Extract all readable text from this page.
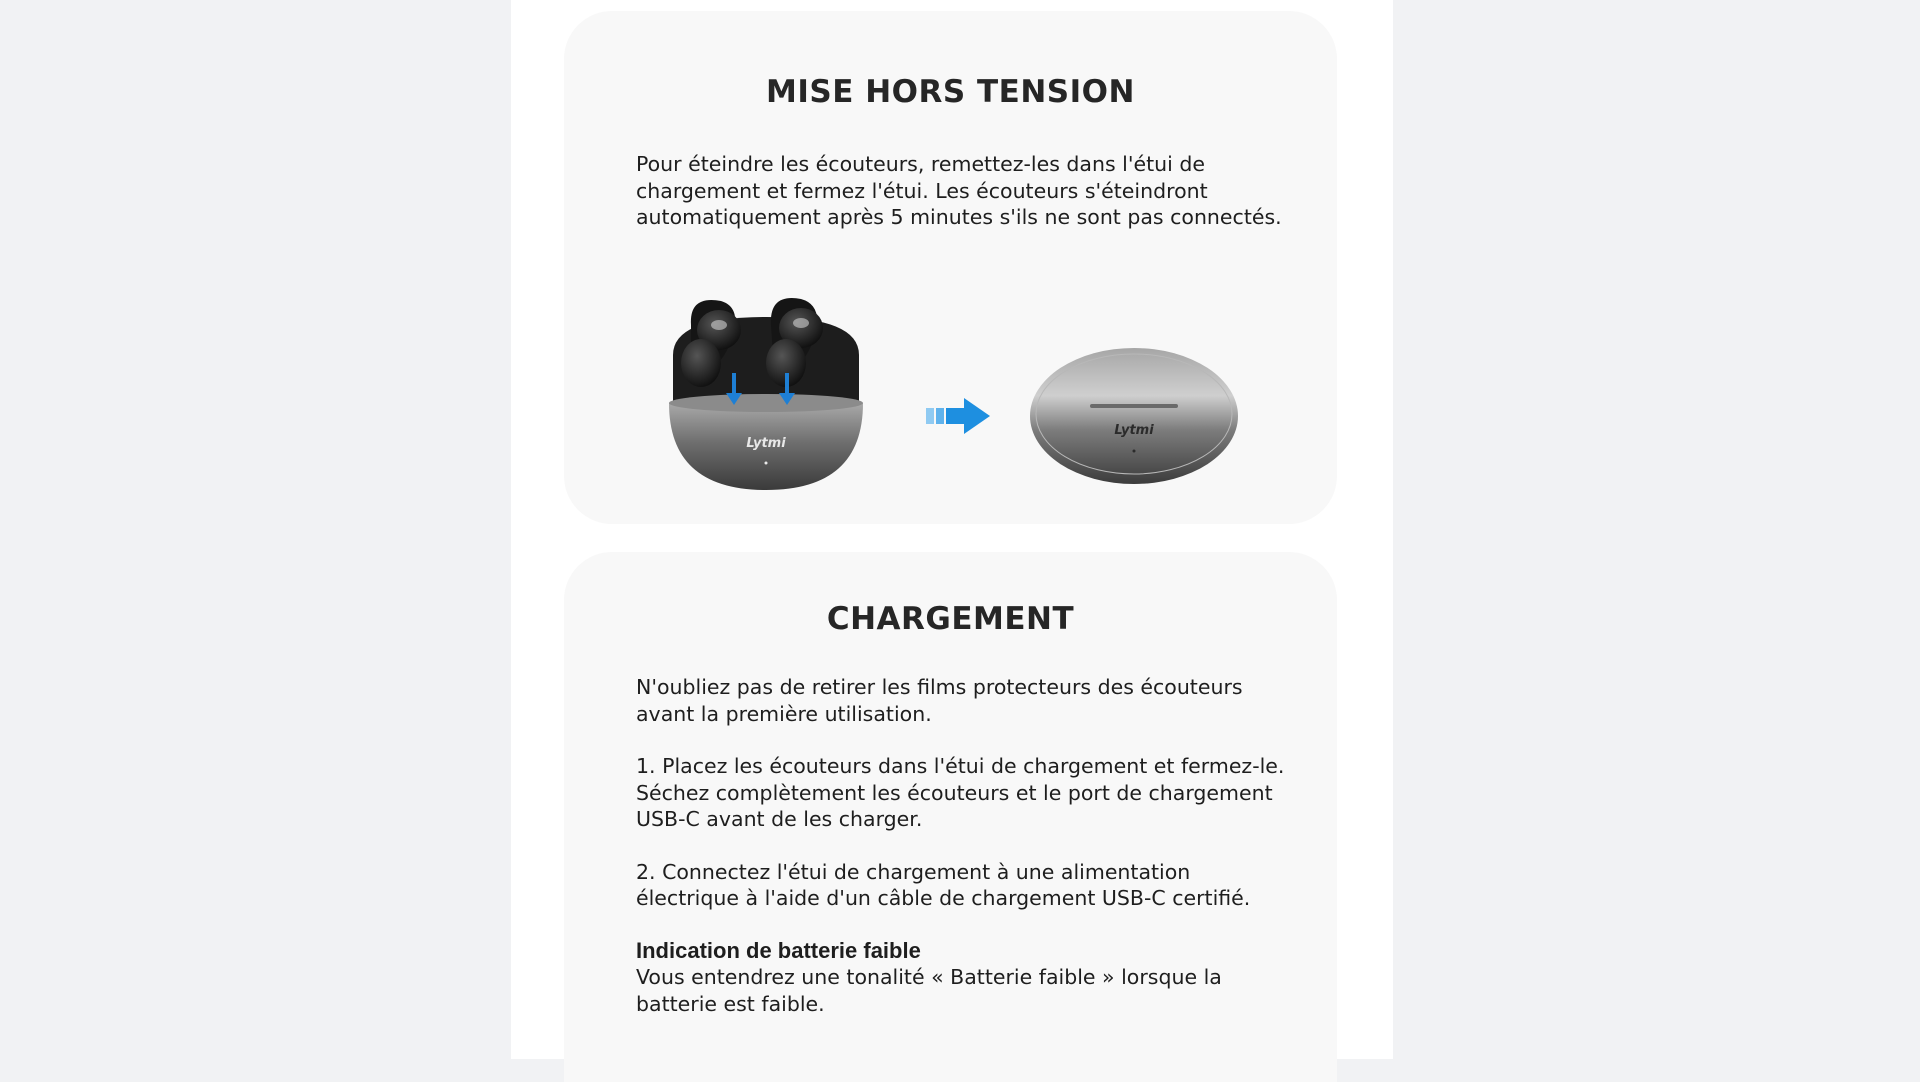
MISE HORS TENSION

Pour éteindre les écouteurs, remettez-les dans l'étui de chargement et fermez l'étui. Les écouteurs s'éteindront automatiquement après 5 minutes s'ils ne sont pas connectés.

Lytmi
Lytmi
CHARGEMENT

N'oubliez pas de retirer les films protecteurs des écouteurs avant la première utilisation.

1. Placez les écouteurs dans l'étui de chargement et fermez-le. Séchez complètement les écouteurs et le port de chargement USB-C avant de les charger.

2. Connectez l'étui de chargement à une alimentation électrique à l'aide d'un câble de chargement USB-C certifié.

Indication de batterie faible
Vous entendrez une tonalité « Batterie faible » lorsque la batterie est faible.
